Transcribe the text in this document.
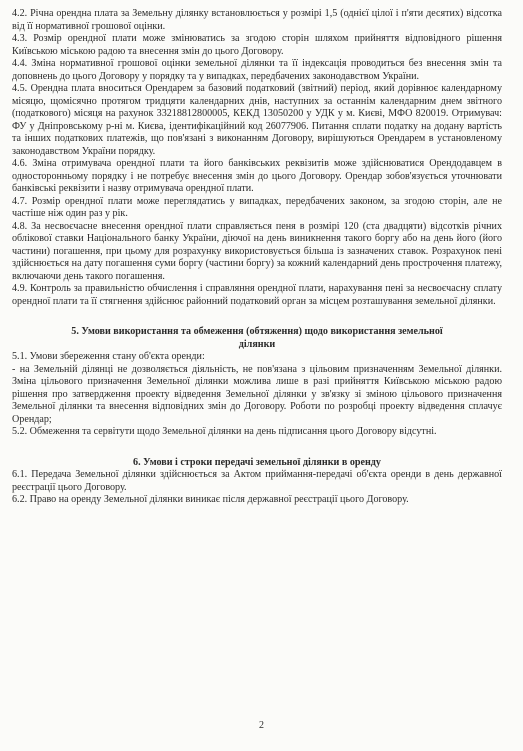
4.2. Річна орендна плата за Земельну ділянку встановлюється у розмірі 1,5 (однієї цілої і п'яти десятих) відсотка від її нормативної грошової оцінки.

4.3. Розмір орендної плати може змінюватись за згодою сторін шляхом прийняття відповідного рішення Київською міською радою та внесення змін до цього Договору.

4.4. Зміна нормативної грошової оцінки земельної ділянки та її індексація проводиться без внесення змін та доповнень до цього Договору у порядку та у випадках, передбачених законодавством України.

4.5. Орендна плата вноситься Орендарем за базовий податковий (звітний) період, який дорівнює календарному місяцю, щомісячно протягом тридцяти календарних днів, наступних за останнім календарним днем звітного (податкового) місяця на рахунок 33218812800005, КЕКД 13050200 у УДК у м. Києві, МФО 820019. Отримувач: ФУ у Дніпровському р-ні м. Києва, ідентифікаційний код 26077906. Питання сплати податку на додану вартість та інших податкових платежів, що пов'язані з виконанням Договору, вирішуються Орендарем в установленому законодавством України порядку.

4.6. Зміна отримувача орендної плати та його банківських реквізитів може здійснюватися Орендодавцем в односторонньому порядку і не потребує внесення змін до цього Договору. Орендар зобов'язується уточнювати банківські реквізити і назву отримувача орендної плати.

4.7. Розмір орендної плати може переглядатись у випадках, передбачених законом, за згодою сторін, але не частіше ніж один раз у рік.

4.8. За несвоєчасне внесення орендної плати справляється пеня в розмірі 120 (ста двадцяти) відсотків річних облікової ставки Національного банку України, діючої на день виникнення такого боргу або на день його (його частини) погашення, при цьому для розрахунку використовується більша із зазначених ставок. Розрахунок пені здійснюється на дату погашення суми боргу (частини боргу) за кожний календарний день прострочення платежу, включаючи день такого погашення.

4.9. Контроль за правильністю обчислення і справляння орендної плати, нарахування пені за несвоєчасну сплату орендної плати та її стягнення здійснює районний податковий орган за місцем розташування земельної ділянки.

5. Умови використання та обмеження (обтяження) щодо використання земельної ділянки

5.1. Умови збереження стану об'єкта оренди:

- на Земельній ділянці не дозволяється діяльність, не пов'язана з цільовим призначенням Земельної ділянки. Зміна цільового призначення Земельної ділянки можлива лише в разі прийняття Київською міською радою рішення про затвердження проекту відведення Земельної ділянки у зв'язку зі зміною цільового призначення Земельної ділянки та внесення відповідних змін до Договору. Роботи по розробці проекту відведення сплачує Орендар;

5.2. Обмеження та сервітути щодо Земельної ділянки на день підписання цього Договору відсутні.

6. Умови і строки передачі земельної ділянки в оренду

6.1. Передача Земельної ділянки здійснюється за Актом приймання-передачі об'єкта оренди в день державної реєстрації цього Договору.

6.2. Право на оренду Земельної ділянки виникає після державної реєстрації цього Договору.

2
